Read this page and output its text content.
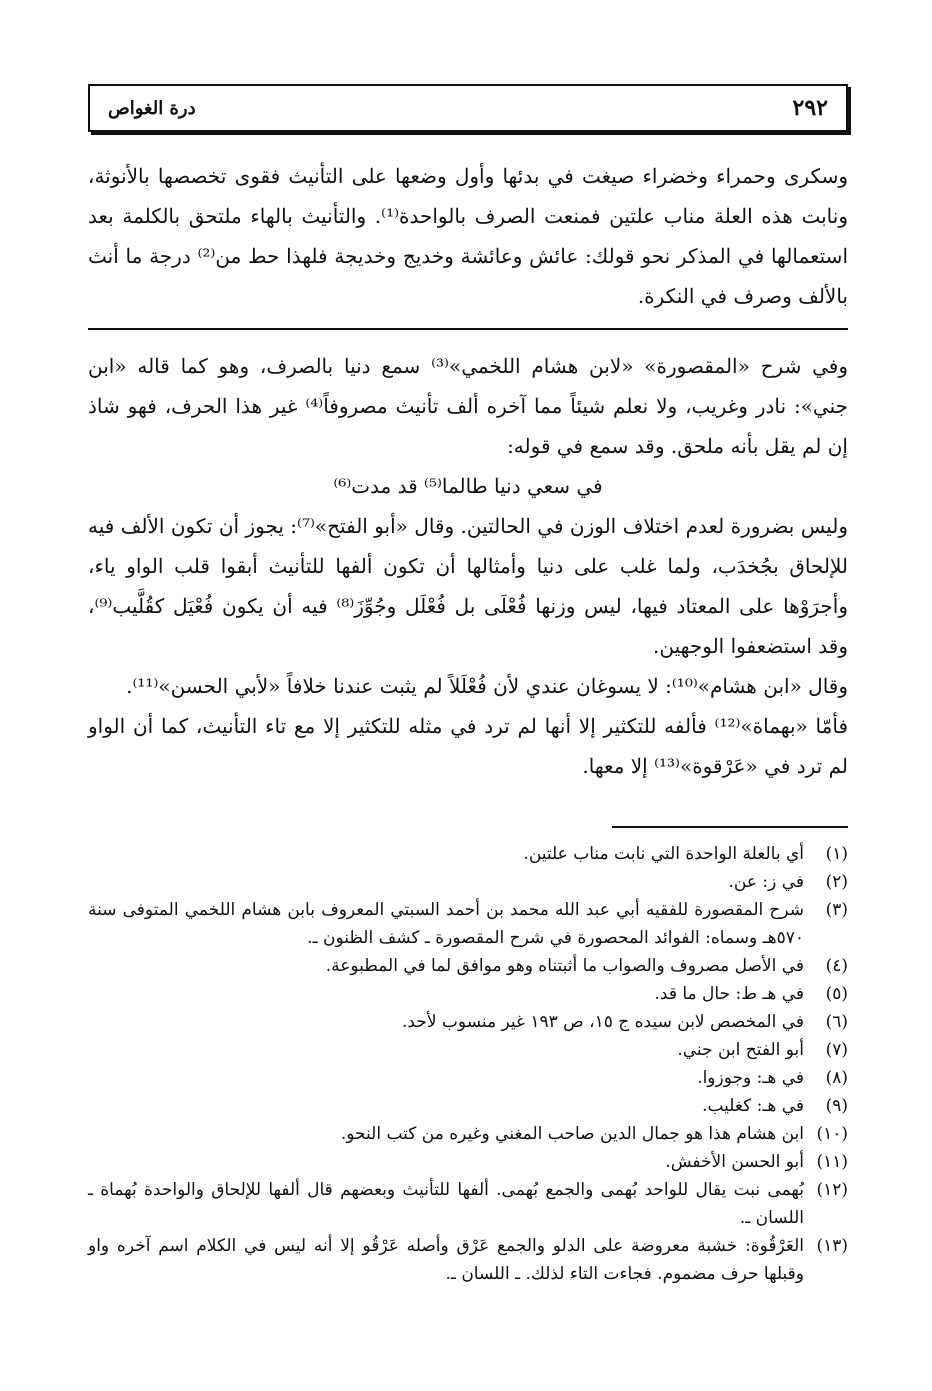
٢٩٢
درة الغواص

وسكرى وحمراء وخضراء صيغت في بدئها وأول وضعها على التأنيث فقوى تخصصها بالأنوثة، ونابت هذه العلة مناب علتين فمنعت الصرف بالواحدة⁽¹⁾. والتأنيث بالهاء ملتحق بالكلمة بعد استعمالها في المذكر نحو قولك: عائش وعائشة وخديج وخديجة فلهذا حط من⁽²⁾ درجة ما أنث بالألف وصرف في النكرة.

وفي شرح «المقصورة» «لابن هشام اللخمي»⁽³⁾ سمع دنيا بالصرف، وهو كما قاله «ابن جني»: نادر وغريب، ولا نعلم شيئاً مما آخره ألف تأنيث مصروفاً⁽⁴⁾ غير هذا الحرف، فهو شاذ إن لم يقل بأنه ملحق. وقد سمع في قوله:

في سعي دنيا طالما⁽⁵⁾ قد مدت⁽⁶⁾

وليس بضرورة لعدم اختلاف الوزن في الحالتين. وقال «أبو الفتح»⁽⁷⁾: يجوز أن تكون الألف فيه للإلحاق بجُخدَب، ولما غلب على دنيا وأمثالها أن تكون ألفها للتأنيث أبقوا قلب الواو ياء، وأجرَوْها على المعتاد فيها، ليس وزنها فُعْلَى بل فُعْلَل وجُوِّزَ⁽⁸⁾ فيه أن يكون فُعْيَل كقُلَّيب⁽⁹⁾، وقد استضعفوا الوجهين.

وقال «ابن هشام»⁽¹⁰⁾: لا يسوغان عندي لأن فُعْلَلاً لم يثبت عندنا خلافاً «لأبي الحسن»⁽¹¹⁾.

فأمّا «بهماة»⁽¹²⁾ فألفه للتكثير إلا أنها لم ترد في مثله للتكثير إلا مع تاء التأنيث، كما أن الواو لم ترد في «عَرْقوة»⁽¹³⁾ إلا معها.

(١)
أي بالعلة الواحدة التي نابت مناب علتين.
(٢)
في ز: عن.
(٣)
شرح المقصورة للفقيه أبي عبد الله محمد بن أحمد السبتي المعروف بابن هشام اللخمي المتوفى سنة ٥٧٠هـ وسماه: الفوائد المحصورة في شرح المقصورة ـ كشف الظنون ـ.
(٤)
في الأصل مصروف والصواب ما أثبتناه وهو موافق لما في المطبوعة.
(٥)
في هـ ط: حال ما قد.
(٦)
في المخصص لابن سيده ج ١٥، ص ١٩٣ غير منسوب لأحد.
(٧)
أبو الفتح ابن جني.
(٨)
في هـ: وجوزوا.
(٩)
في هـ: كغليب.
(١٠)
ابن هشام هذا هو جمال الدين صاحب المغني وغيره من كتب النحو.
(١١)
أبو الحسن الأخفش.
(١٢)
بُهمى نبت يقال للواحد بُهمى والجمع بُهمى. ألفها للتأنيث وبعضهم قال ألفها للإلحاق والواحدة بُهماة ـ اللسان ـ.
(١٣)
العَرْقُوة: خشبة معروضة على الدلو والجمع عَرْق وأصله عَرْقُو إلا أنه ليس في الكلام اسم آخره واو وقبلها حرف مضموم. فجاءت التاء لذلك. ـ اللسان ـ.
